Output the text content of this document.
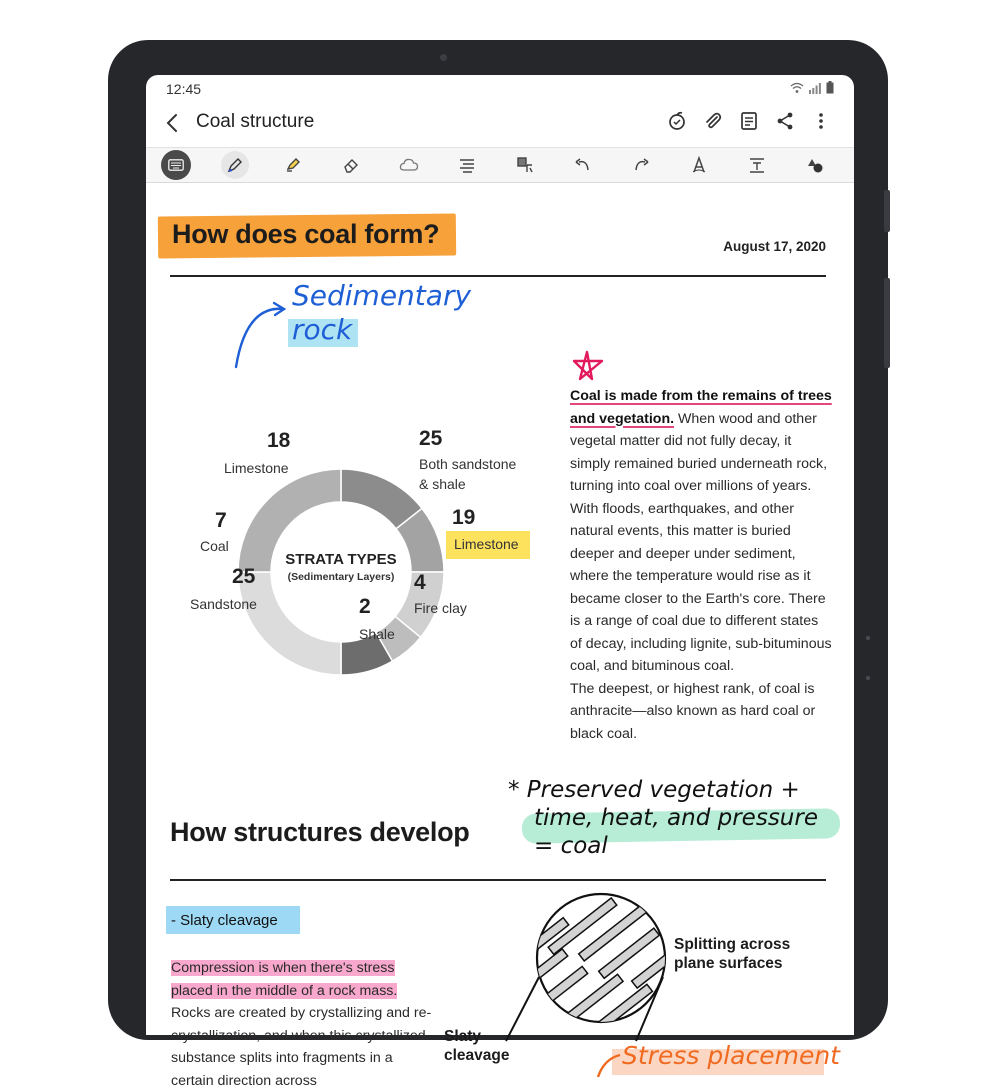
12:45
Coal structure
How does coal form?	August 17, 2020
Sedimentary
rock
STRATA TYPES
(Sedimentary Layers)
18
Limestone
25
Both sandstone & shale
19
Limestone
4
Fire clay
2
Shale
25
Sandstone
7
Coal
Coal is made from the remains of trees and vegetation. When wood and other vegetal matter did not fully decay, it simply remained buried underneath rock, turning into coal over millions of years. With floods, earthquakes, and other natural events, this matter is buried deeper and deeper under sediment, where the temperature would rise as it became closer to the Earth's core. There is a range of coal due to different states of decay, including lignite, sub-bituminous coal, and bituminous coal.
The deepest, or highest rank, of coal is anthracite—also known as hard coal or black coal.
* Preserved vegetation +
time, heat, and pressure
= coal
How structures develop
- Slaty cleavage
Compression is when there's stress
placed in the middle of a rock mass.
Rocks are created by crystallizing and re-crystallization, and when this crystallized substance splits into fragments in a certain direction across
Splitting across
plane surfaces
Slaty
cleavage	Stress placement
